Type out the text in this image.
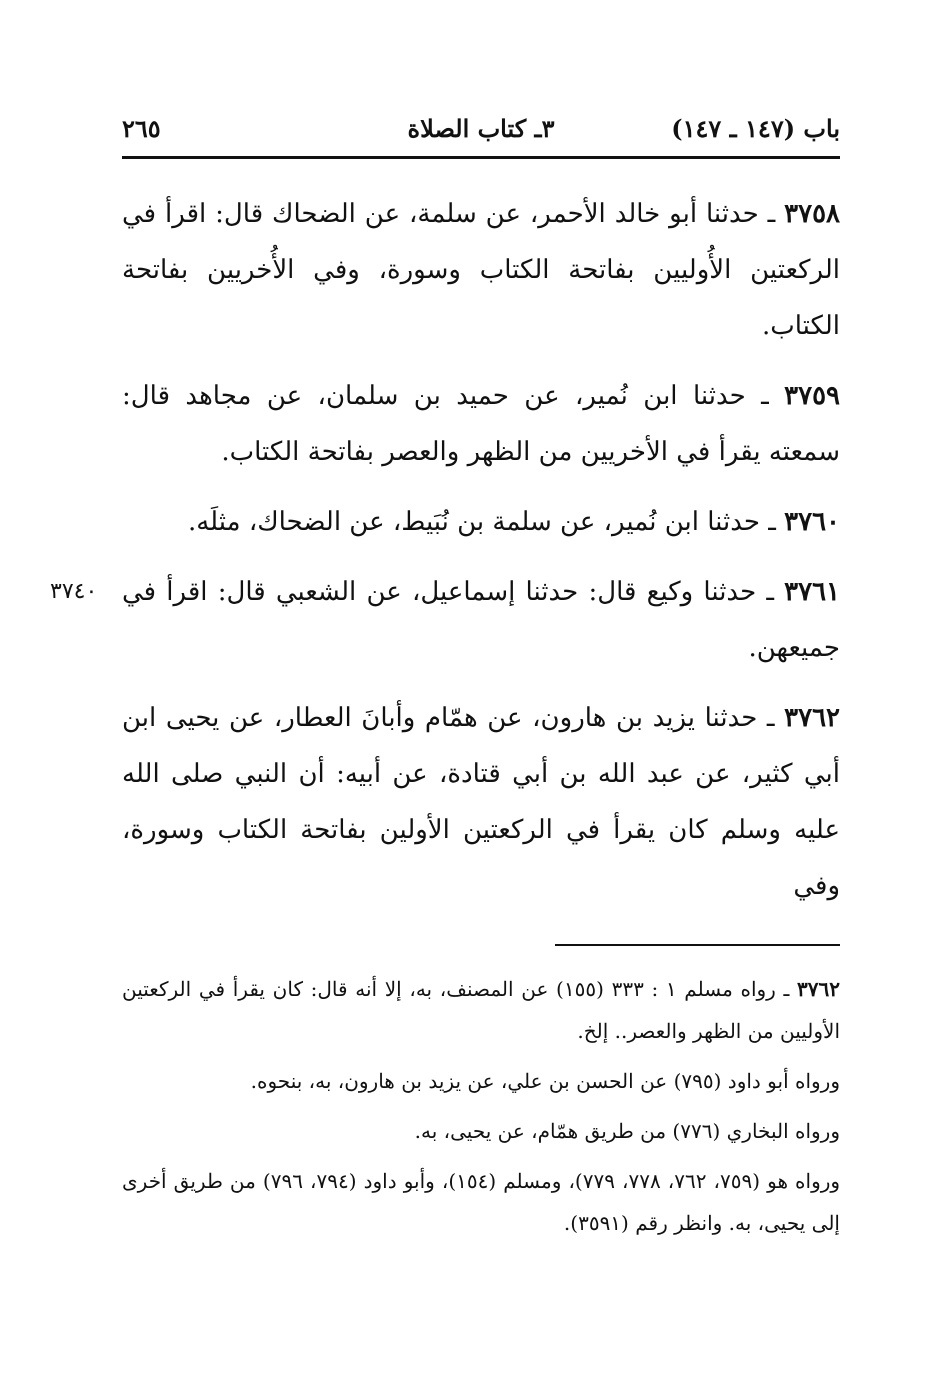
باب (١٤٧ ـ ١٤٧)
٣ـ كتاب الصلاة
٢٦٥

٣٧٥٨ ـ حدثنا أبو خالد الأحمر، عن سلمة، عن الضحاك قال: اقرأ في الركعتين الأُوليين بفاتحة الكتاب وسورة، وفي الأُخريين بفاتحة الكتاب.

٣٧٥٩ ـ حدثنا ابن نُمير، عن حميد بن سلمان، عن مجاهد قال: سمعته يقرأ في الأخريين من الظهر والعصر بفاتحة الكتاب.

٣٧٦٠ ـ حدثنا ابن نُمير، عن سلمة بن نُبَيط، عن الضحاك، مثلَه.

٣٧٤٠	٣٧٦١ ـ حدثنا وكيع قال: حدثنا إسماعيل، عن الشعبي قال: اقرأ في جميعهن.

٣٧٦٢ ـ حدثنا يزيد بن هارون، عن همّام وأبانَ العطار، عن يحيى ابن أبي كثير، عن عبد الله بن أبي قتادة، عن أبيه: أن النبي صلى الله عليه وسلم كان يقرأ في الركعتين الأولين بفاتحة الكتاب وسورة، وفي

٣٧٦٢ ـ رواه مسلم ١ : ٣٣٣ (١٥٥) عن المصنف، به، إلا أنه قال: كان يقرأ في الركعتين الأوليين من الظهر والعصر.. إلخ.

ورواه أبو داود (٧٩٥) عن الحسن بن علي، عن يزيد بن هارون، به، بنحوه.

ورواه البخاري (٧٧٦) من طريق همّام، عن يحيى، به.

ورواه هو (٧٥٩، ٧٦٢، ٧٧٨، ٧٧٩)، ومسلم (١٥٤)، وأبو داود (٧٩٤، ٧٩٦) من طريق أخرى إلى يحيى، به. وانظر رقم (٣٥٩١).
